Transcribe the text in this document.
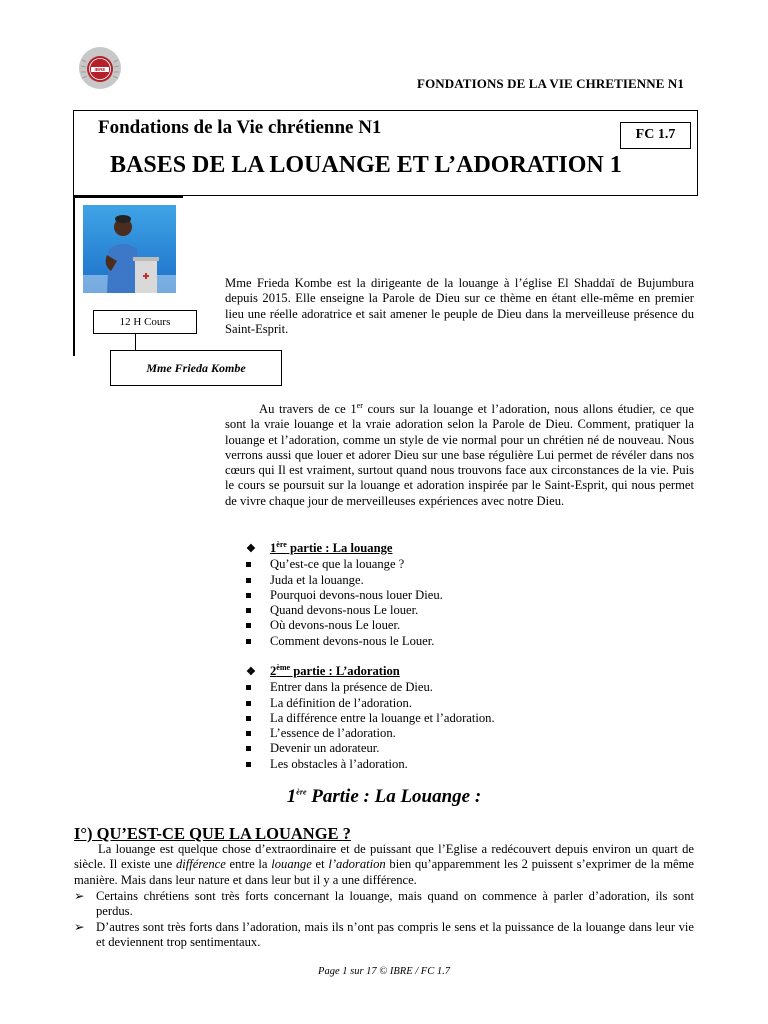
IBRE
FONDATIONS DE LA VIE CHRETIENNE N1
Fondations de la Vie chrétienne N1	FC 1.7
BASES DE LA LOUANGE ET L’ADORATION 1
12 H Cours
Mme Frieda Kombe
Mme Frieda Kombe est la dirigeante de la louange à l’église El Shaddaï de Bujumbura depuis 2015. Elle enseigne la Parole de Dieu sur ce thème en étant elle-même en premier lieu une réelle adoratrice et sait amener le peuple de Dieu dans la merveilleuse présence du Saint-Esprit.
Au travers de ce 1er cours sur la louange et l’adoration, nous allons étudier, ce que sont la vraie louange et la vraie adoration selon la Parole de Dieu. Comment, pratiquer la louange et l’adoration, comme un style de vie normal pour un chrétien né de nouveau. Nous verrons aussi que louer et adorer Dieu sur une base régulière Lui permet de révéler dans nos cœurs qui Il est vraiment, surtout quand nous trouvons face aux circonstances de la vie. Puis le cours se poursuit sur la louange et adoration inspirée par le Saint-Esprit, qui nous permet de vivre chaque jour de merveilleuses expériences avec notre Dieu.
❖ 1ère partie : La louange
Qu’est-ce que la louange ?
Juda et la louange.
Pourquoi devons-nous louer Dieu.
Quand devons-nous Le louer.
Où devons-nous Le louer.
Comment devons-nous le Louer.
❖ 2ème partie : L’adoration
Entrer dans la présence de Dieu.
La définition de l’adoration.
La différence entre la louange et l’adoration.
L’essence de l’adoration.
Devenir un adorateur.
Les obstacles à l’adoration.
1ère Partie : La Louange :
I°) QU’EST-CE QUE LA LOUANGE ?
La louange est quelque chose d’extraordinaire et de puissant que l’Eglise a redécouvert depuis environ un quart de siècle. Il existe une différence entre la louange et l’adoration bien qu’apparemment les 2 puissent s’exprimer de la même manière. Mais dans leur nature et dans leur but il y a une différence.
➢ Certains chrétiens sont très forts concernant la louange, mais quand on commence à parler d’adoration, ils sont perdus.
➢ D’autres sont très forts dans l’adoration, mais ils n’ont pas compris le sens et la puissance de la louange dans leur vie et deviennent trop sentimentaux.
Page 1 sur 17 © IBRE / FC 1.7
